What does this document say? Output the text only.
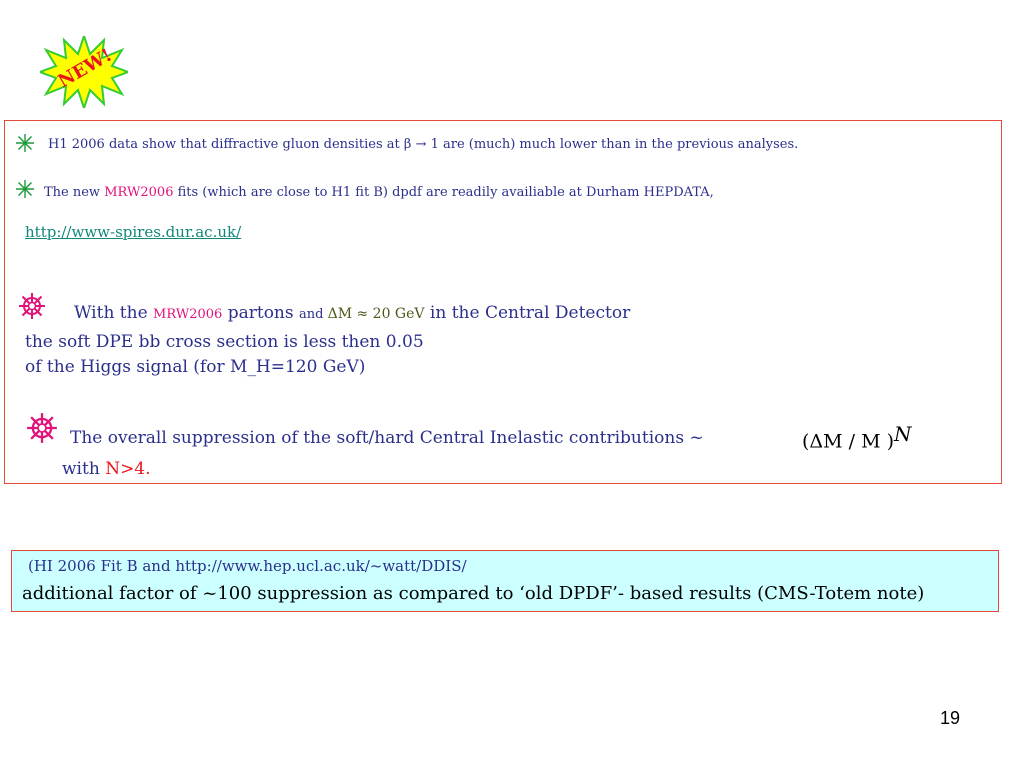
NEW!
H1 2006 data show that diffractive gluon densities at β → 1 are (much) much lower than in the previous analyses.
The new MRW2006 fits (which are close to H1 fit B) dpdf are readily availiable at Durham HEPDATA,
http://www-spires.dur.ac.uk/
With the MRW2006 partons and ΔM ≈ 20 GeV in the Central Detector
the soft DPE bb cross section is less then 0.05
of the Higgs signal (for M_H=120 GeV)
The overall suppression of the soft/hard Central Inelastic contributions ~	(ΔM / M )$^N$
with N>4.
(HI 2006 Fit B and http://www.hep.ucl.ac.uk/~watt/DDIS/
additional factor of ~100 suppression as compared to ‘old DPDF’- based results (CMS-Totem note)
19
